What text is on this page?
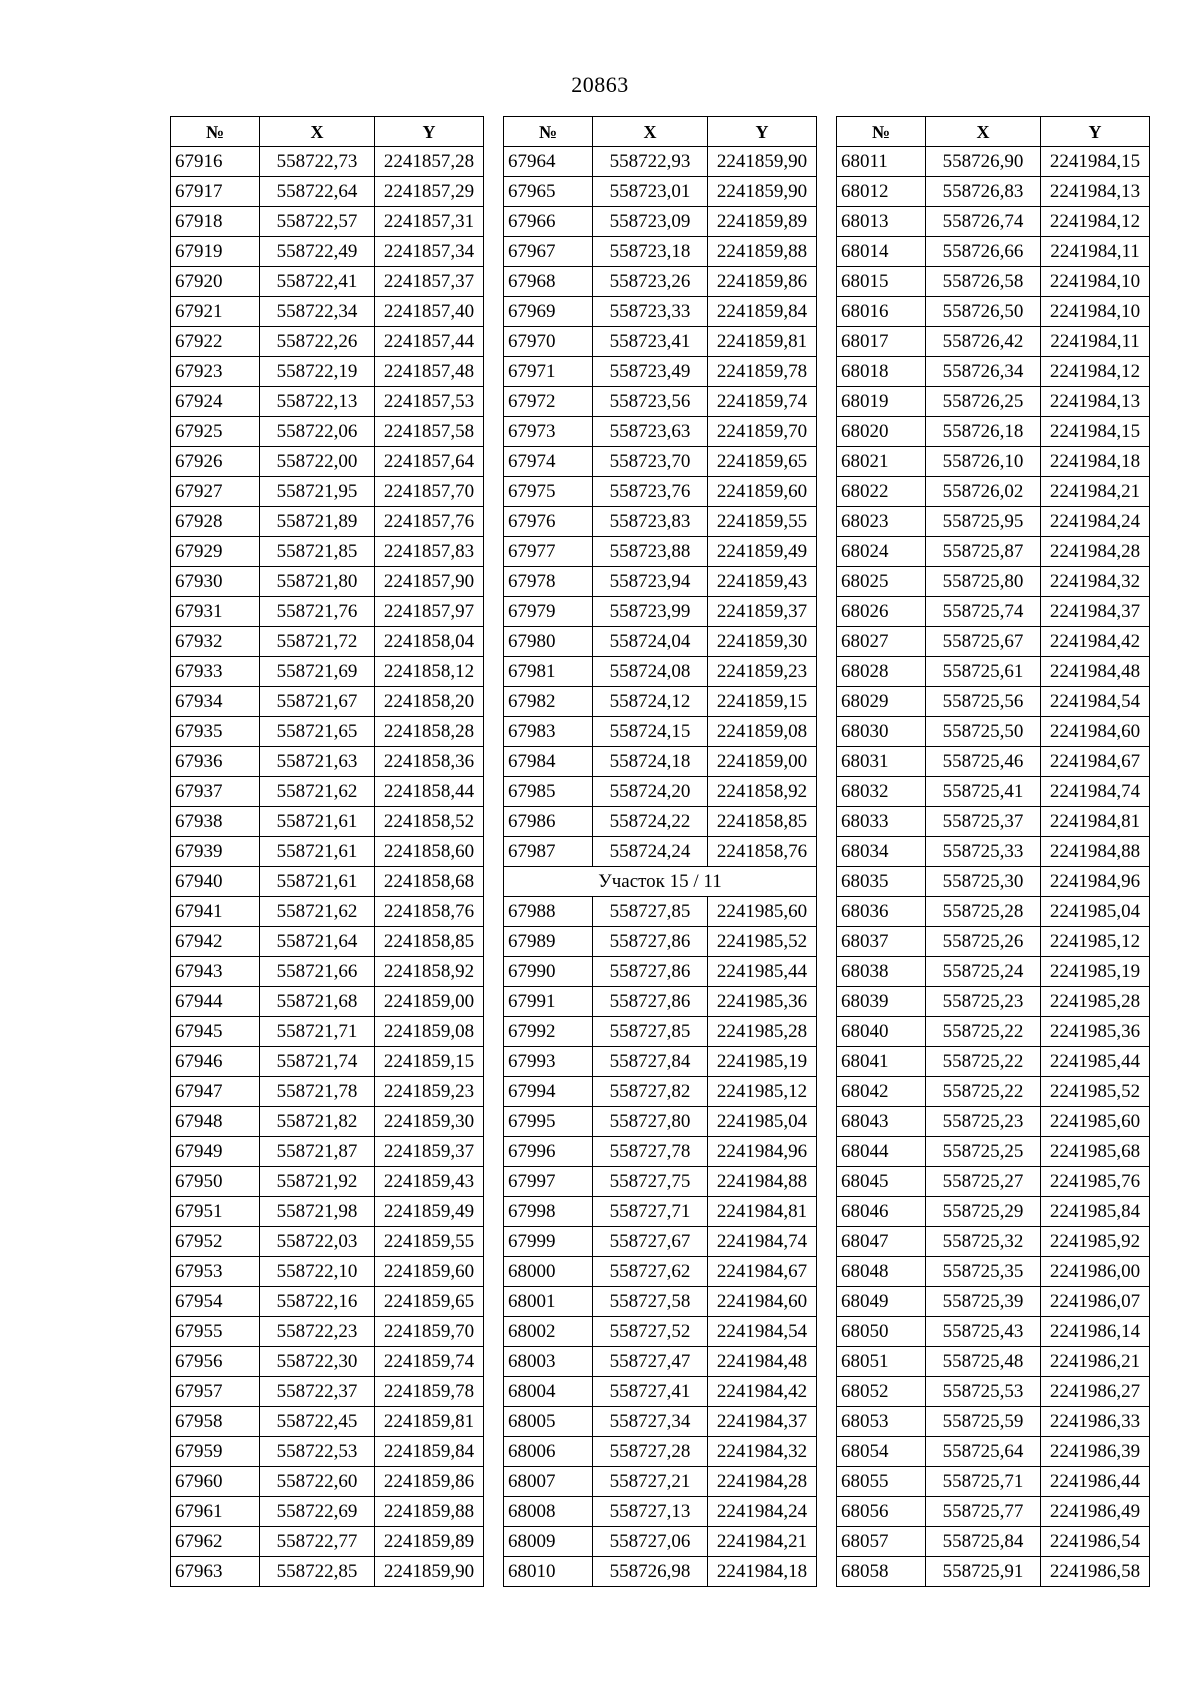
20863
№	X	Y
67916	558722,73	2241857,28
67917	558722,64	2241857,29
67918	558722,57	2241857,31
67919	558722,49	2241857,34
67920	558722,41	2241857,37
67921	558722,34	2241857,40
67922	558722,26	2241857,44
67923	558722,19	2241857,48
67924	558722,13	2241857,53
67925	558722,06	2241857,58
67926	558722,00	2241857,64
67927	558721,95	2241857,70
67928	558721,89	2241857,76
67929	558721,85	2241857,83
67930	558721,80	2241857,90
67931	558721,76	2241857,97
67932	558721,72	2241858,04
67933	558721,69	2241858,12
67934	558721,67	2241858,20
67935	558721,65	2241858,28
67936	558721,63	2241858,36
67937	558721,62	2241858,44
67938	558721,61	2241858,52
67939	558721,61	2241858,60
67940	558721,61	2241858,68
67941	558721,62	2241858,76
67942	558721,64	2241858,85
67943	558721,66	2241858,92
67944	558721,68	2241859,00
67945	558721,71	2241859,08
67946	558721,74	2241859,15
67947	558721,78	2241859,23
67948	558721,82	2241859,30
67949	558721,87	2241859,37
67950	558721,92	2241859,43
67951	558721,98	2241859,49
67952	558722,03	2241859,55
67953	558722,10	2241859,60
67954	558722,16	2241859,65
67955	558722,23	2241859,70
67956	558722,30	2241859,74
67957	558722,37	2241859,78
67958	558722,45	2241859,81
67959	558722,53	2241859,84
67960	558722,60	2241859,86
67961	558722,69	2241859,88
67962	558722,77	2241859,89
67963	558722,85	2241859,90
№	X	Y
67964	558722,93	2241859,90
67965	558723,01	2241859,90
67966	558723,09	2241859,89
67967	558723,18	2241859,88
67968	558723,26	2241859,86
67969	558723,33	2241859,84
67970	558723,41	2241859,81
67971	558723,49	2241859,78
67972	558723,56	2241859,74
67973	558723,63	2241859,70
67974	558723,70	2241859,65
67975	558723,76	2241859,60
67976	558723,83	2241859,55
67977	558723,88	2241859,49
67978	558723,94	2241859,43
67979	558723,99	2241859,37
67980	558724,04	2241859,30
67981	558724,08	2241859,23
67982	558724,12	2241859,15
67983	558724,15	2241859,08
67984	558724,18	2241859,00
67985	558724,20	2241858,92
67986	558724,22	2241858,85
67987	558724,24	2241858,76
Участок 15 / 11		
67988	558727,85	2241985,60
67989	558727,86	2241985,52
67990	558727,86	2241985,44
67991	558727,86	2241985,36
67992	558727,85	2241985,28
67993	558727,84	2241985,19
67994	558727,82	2241985,12
67995	558727,80	2241985,04
67996	558727,78	2241984,96
67997	558727,75	2241984,88
67998	558727,71	2241984,81
67999	558727,67	2241984,74
68000	558727,62	2241984,67
68001	558727,58	2241984,60
68002	558727,52	2241984,54
68003	558727,47	2241984,48
68004	558727,41	2241984,42
68005	558727,34	2241984,37
68006	558727,28	2241984,32
68007	558727,21	2241984,28
68008	558727,13	2241984,24
68009	558727,06	2241984,21
68010	558726,98	2241984,18
№	X	Y
68011	558726,90	2241984,15
68012	558726,83	2241984,13
68013	558726,74	2241984,12
68014	558726,66	2241984,11
68015	558726,58	2241984,10
68016	558726,50	2241984,10
68017	558726,42	2241984,11
68018	558726,34	2241984,12
68019	558726,25	2241984,13
68020	558726,18	2241984,15
68021	558726,10	2241984,18
68022	558726,02	2241984,21
68023	558725,95	2241984,24
68024	558725,87	2241984,28
68025	558725,80	2241984,32
68026	558725,74	2241984,37
68027	558725,67	2241984,42
68028	558725,61	2241984,48
68029	558725,56	2241984,54
68030	558725,50	2241984,60
68031	558725,46	2241984,67
68032	558725,41	2241984,74
68033	558725,37	2241984,81
68034	558725,33	2241984,88
68035	558725,30	2241984,96
68036	558725,28	2241985,04
68037	558725,26	2241985,12
68038	558725,24	2241985,19
68039	558725,23	2241985,28
68040	558725,22	2241985,36
68041	558725,22	2241985,44
68042	558725,22	2241985,52
68043	558725,23	2241985,60
68044	558725,25	2241985,68
68045	558725,27	2241985,76
68046	558725,29	2241985,84
68047	558725,32	2241985,92
68048	558725,35	2241986,00
68049	558725,39	2241986,07
68050	558725,43	2241986,14
68051	558725,48	2241986,21
68052	558725,53	2241986,27
68053	558725,59	2241986,33
68054	558725,64	2241986,39
68055	558725,71	2241986,44
68056	558725,77	2241986,49
68057	558725,84	2241986,54
68058	558725,91	2241986,58
